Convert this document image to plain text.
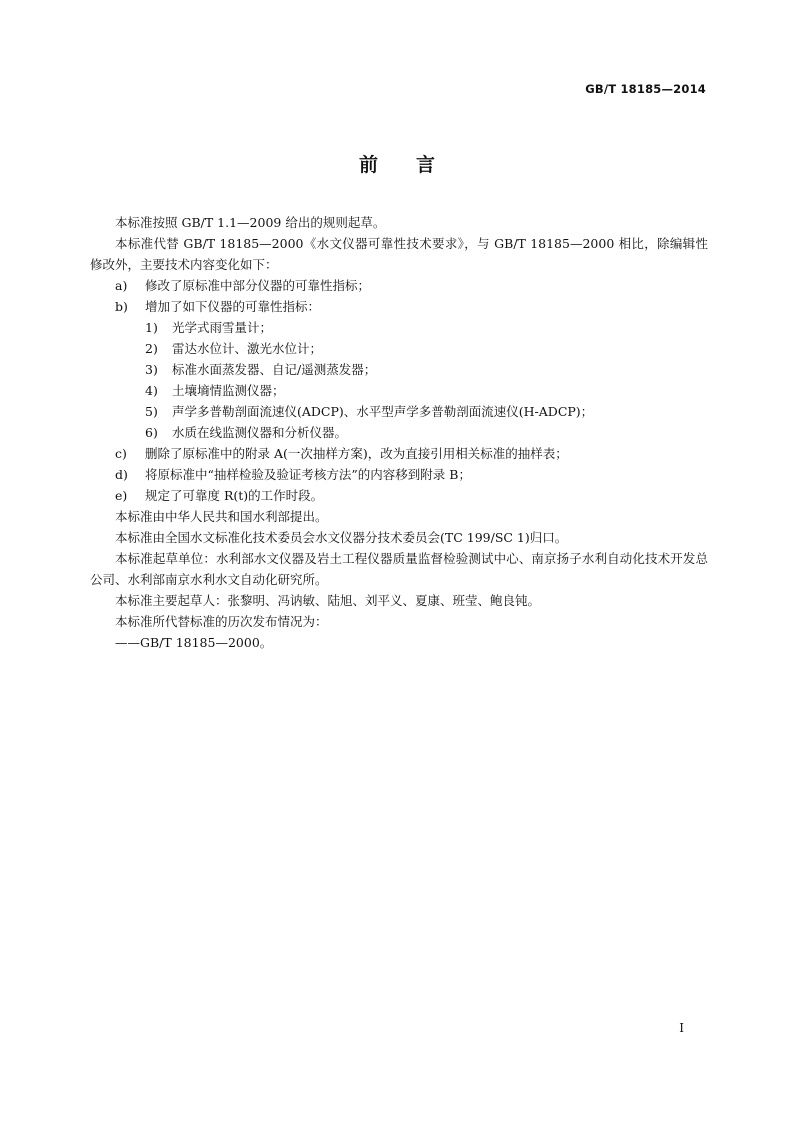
GB/T 18185—2014
前 言

本标准按照 GB/T 1.1—2009 给出的规则起草。

本标准代替 GB/T 18185—2000《水文仪器可靠性技术要求》，与 GB/T 18185—2000 相比，除编辑性修改外，主要技术内容变化如下：

a) 修改了原标准中部分仪器的可靠性指标；

b) 增加了如下仪器的可靠性指标：

1) 光学式雨雪量计；

2) 雷达水位计、激光水位计；

3) 标准水面蒸发器、自记/遥测蒸发器；

4) 土壤墒情监测仪器；

5) 声学多普勒剖面流速仪(ADCP)、水平型声学多普勒剖面流速仪(H-ADCP)；

6) 水质在线监测仪器和分析仪器。

c) 删除了原标准中的附录 A(一次抽样方案)，改为直接引用相关标准的抽样表；

d) 将原标准中“抽样检验及验证考核方法”的内容移到附录 B；

e) 规定了可靠度 R(t)的工作时段。

本标准由中华人民共和国水利部提出。

本标准由全国水文标准化技术委员会水文仪器分技术委员会(TC 199/SC 1)归口。

本标准起草单位：水利部水文仪器及岩土工程仪器质量监督检验测试中心、南京扬子水利自动化技术开发总公司、水利部南京水利水文自动化研究所。

本标准主要起草人：张黎明、冯讷敏、陆旭、刘平义、夏康、班莹、鲍良钝。

本标准所代替标准的历次发布情况为：

——GB/T 18185—2000。

I
